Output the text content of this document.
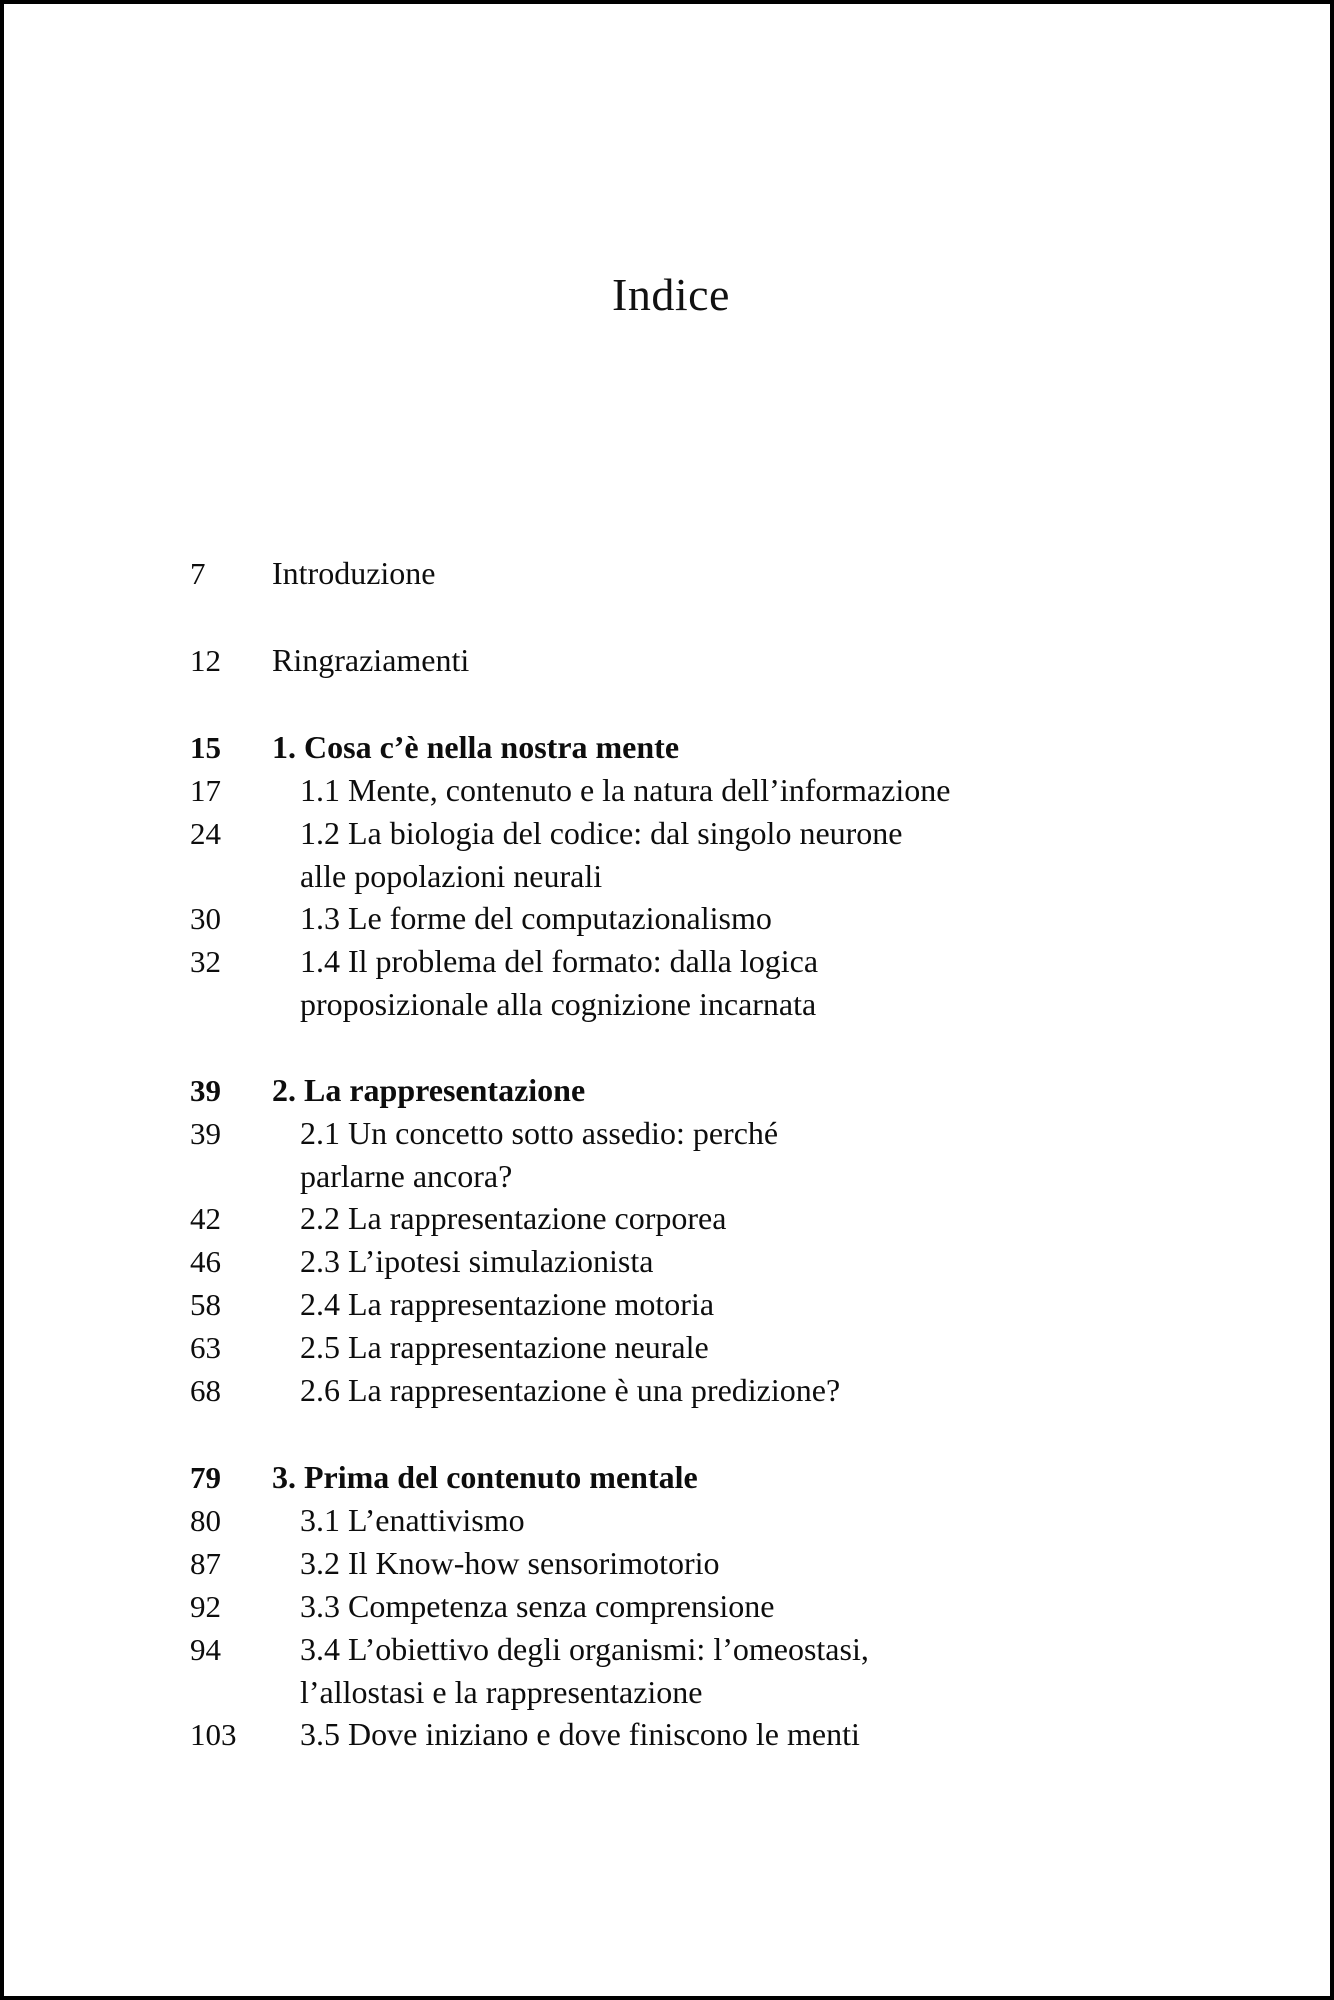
Indice
7	Introduzione
12	Ringraziamenti
15	1. Cosa c’è nella nostra mente
17	1.1 Mente, contenuto e la natura dell’informazione
24	1.2 La biologia del codice: dal singolo neurone
alle popolazioni neurali
30	1.3 Le forme del computazionalismo
32	1.4 Il problema del formato: dalla logica
proposizionale alla cognizione incarnata
39	2. La rappresentazione
39	2.1 Un concetto sotto assedio: perché
parlarne ancora?
42	2.2 La rappresentazione corporea
46	2.3 L’ipotesi simulazionista
58	2.4 La rappresentazione motoria
63	2.5 La rappresentazione neurale
68	2.6 La rappresentazione è una predizione?
79	3. Prima del contenuto mentale
80	3.1 L’enattivismo
87	3.2 Il Know-how sensorimotorio
92	3.3 Competenza senza comprensione
94	3.4 L’obiettivo degli organismi: l’omeostasi,
l’allostasi e la rappresentazione
103	3.5 Dove iniziano e dove finiscono le menti
